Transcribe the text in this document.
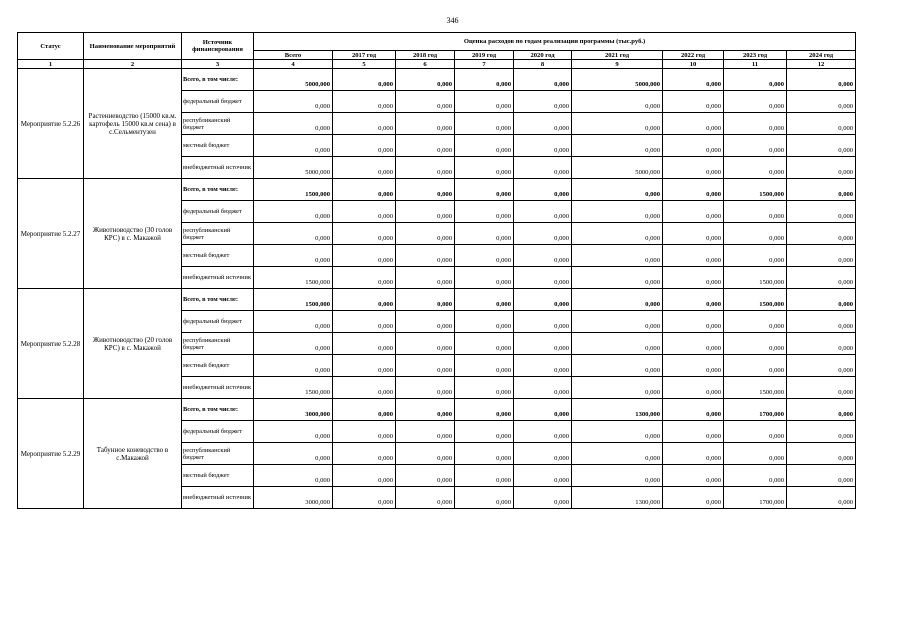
346
Статус	Наименование мероприятий	Источник финансирования	Оценка расходов по годам реализации программы (тыс.руб.)								
			Всего	2017 год	2018 год	2019 год	2020 год	2021 год	2022 год	2023 год	2024 год
1	2	3	4	5	6	7	8	9	10	11	12
Мероприятие 5.2.26	Растениеводство (15000 кв.м. картофель 15000 кв.м сена) в с.Сельментузен	Всего, в том числе:	5000,000	0,000	0,000	0,000	0,000	5000,000	0,000	0,000	0,000
		федеральный бюджет	0,000	0,000	0,000	0,000	0,000	0,000	0,000	0,000	0,000
		республиканский бюджет	0,000	0,000	0,000	0,000	0,000	0,000	0,000	0,000	0,000
		местный бюджет	0,000	0,000	0,000	0,000	0,000	0,000	0,000	0,000	0,000
		внебюджетный источник	5000,000	0,000	0,000	0,000	0,000	5000,000	0,000	0,000	0,000
Мероприятие 5.2.27	Животноводство (30 голов КРС) в с. Макажой	Всего, в том числе:	1500,000	0,000	0,000	0,000	0,000	0,000	0,000	1500,000	0,000
		федеральный бюджет	0,000	0,000	0,000	0,000	0,000	0,000	0,000	0,000	0,000
		республиканский бюджет	0,000	0,000	0,000	0,000	0,000	0,000	0,000	0,000	0,000
		местный бюджет	0,000	0,000	0,000	0,000	0,000	0,000	0,000	0,000	0,000
		внебюджетный источник	1500,000	0,000	0,000	0,000	0,000	0,000	0,000	1500,000	0,000
Мероприятие 5.2.28	Животноводство (20 голов КРС) в с. Макажой	Всего, в том числе:	1500,000	0,000	0,000	0,000	0,000	0,000	0,000	1500,000	0,000
		федеральный бюджет	0,000	0,000	0,000	0,000	0,000	0,000	0,000	0,000	0,000
		республиканский бюджет	0,000	0,000	0,000	0,000	0,000	0,000	0,000	0,000	0,000
		местный бюджет	0,000	0,000	0,000	0,000	0,000	0,000	0,000	0,000	0,000
		внебюджетный источник	1500,000	0,000	0,000	0,000	0,000	0,000	0,000	1500,000	0,000
Мероприятие 5.2.29	Табунное коневодство в с.Макажой	Всего, в том числе:	3000,000	0,000	0,000	0,000	0,000	1300,000	0,000	1700,000	0,000
		федеральный бюджет	0,000	0,000	0,000	0,000	0,000	0,000	0,000	0,000	0,000
		республиканский бюджет	0,000	0,000	0,000	0,000	0,000	0,000	0,000	0,000	0,000
		местный бюджет	0,000	0,000	0,000	0,000	0,000	0,000	0,000	0,000	0,000
		внебюджетный источник	3000,000	0,000	0,000	0,000	0,000	1300,000	0,000	1700,000	0,000
